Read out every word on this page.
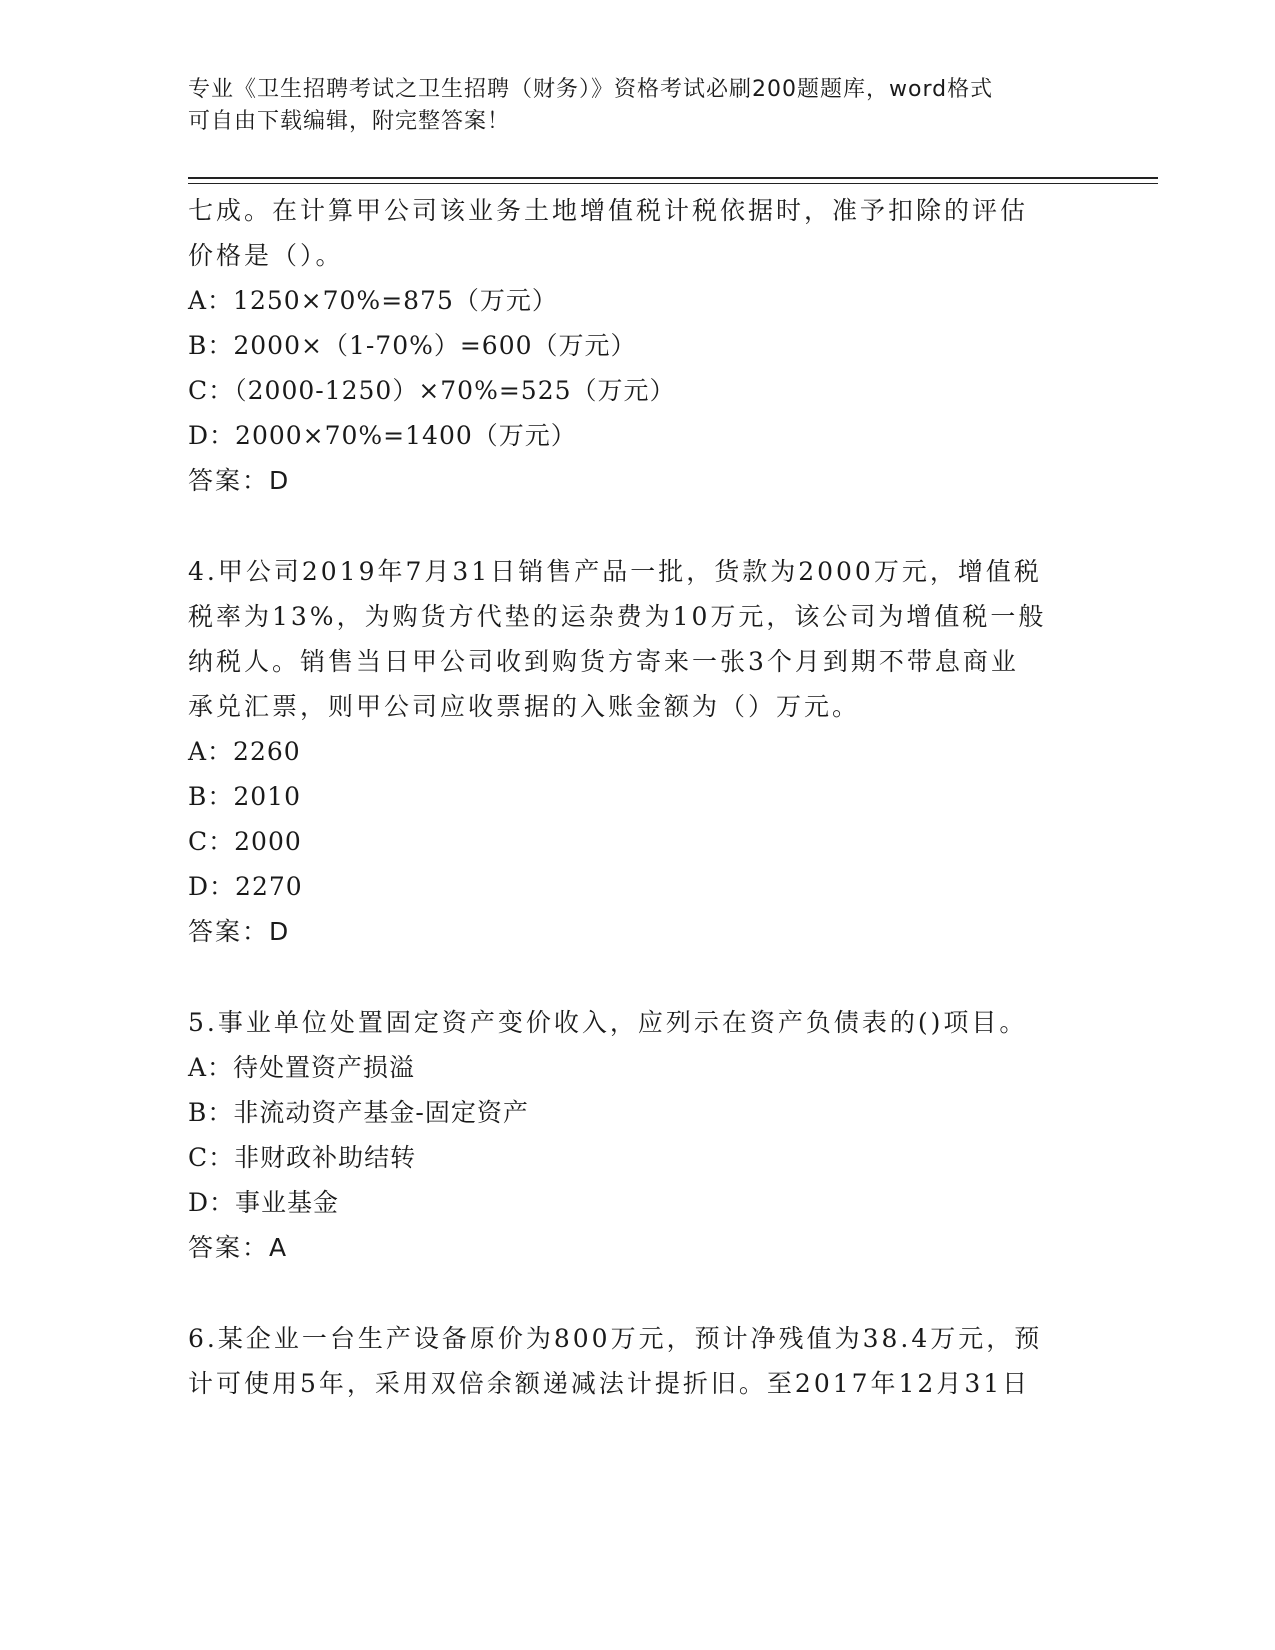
专业《卫生招聘考试之卫生招聘（财务）》资格考试必刷200题题库，word格式
可自由下载编辑，附完整答案！
七成。在计算甲公司该业务土地增值税计税依据时，准予扣除的评估
价格是（）。
A：1250×70%=875（万元）
B：2000×（1-70%）=600（万元）
C：（2000-1250）×70%=525（万元）
D：2000×70%=1400（万元）
答案：D
4.甲公司2019年7月31日销售产品一批，货款为2000万元，增值税
税率为13%，为购货方代垫的运杂费为10万元，该公司为增值税一般
纳税人。销售当日甲公司收到购货方寄来一张3个月到期不带息商业
承兑汇票，则甲公司应收票据的入账金额为（）万元。
A：2260
B：2010
C：2000
D：2270
答案：D
5.事业单位处置固定资产变价收入，应列示在资产负债表的()项目。
A：待处置资产损溢
B：非流动资产基金-固定资产
C：非财政补助结转
D：事业基金
答案：A
6.某企业一台生产设备原价为800万元，预计净残值为38.4万元，预
计可使用5年，采用双倍余额递减法计提折旧。至2017年12月31日
